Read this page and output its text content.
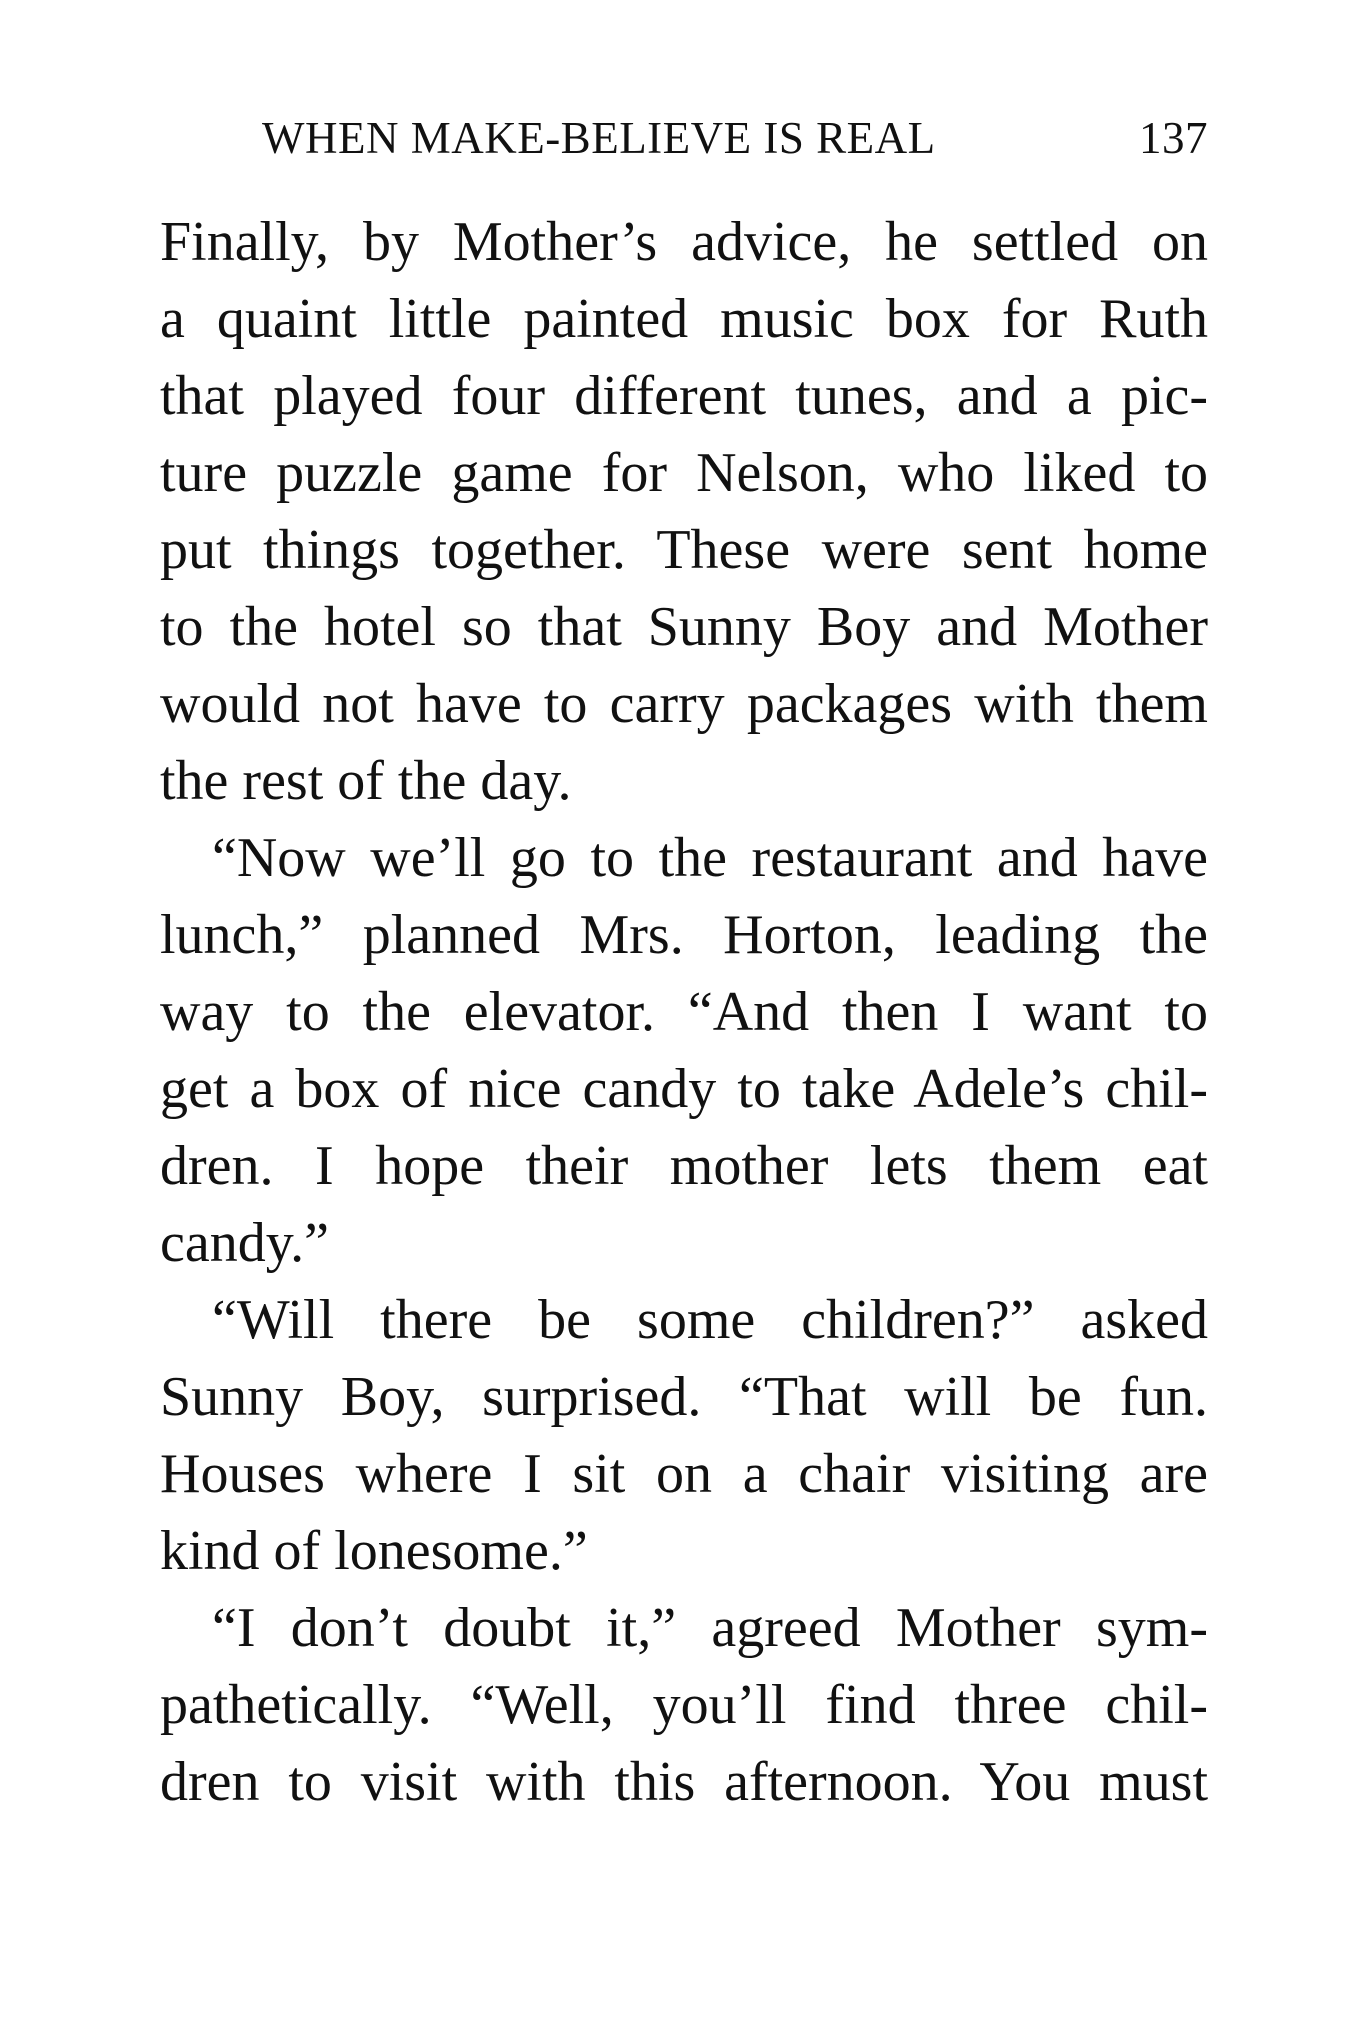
WHEN MAKE-BELIEVE IS REAL	137
Finally, by Mother’s advice, he settled on
a quaint little painted music box for Ruth
that played four different tunes, and a pic-
ture puzzle game for Nelson, who liked to
put things together. These were sent home
to the hotel so that Sunny Boy and Mother
would not have to carry packages with them
the rest of the day.
“Now we’ll go to the restaurant and have
lunch,” planned Mrs. Horton, leading the
way to the elevator. “And then I want to
get a box of nice candy to take Adele’s chil-
dren. I hope their mother lets them eat
candy.”
“Will there be some children?” asked
Sunny Boy, surprised. “That will be fun.
Houses where I sit on a chair visiting are
kind of lonesome.”
“I don’t doubt it,” agreed Mother sym-
pathetically. “Well, you’ll find three chil-
dren to visit with this afternoon. You must
